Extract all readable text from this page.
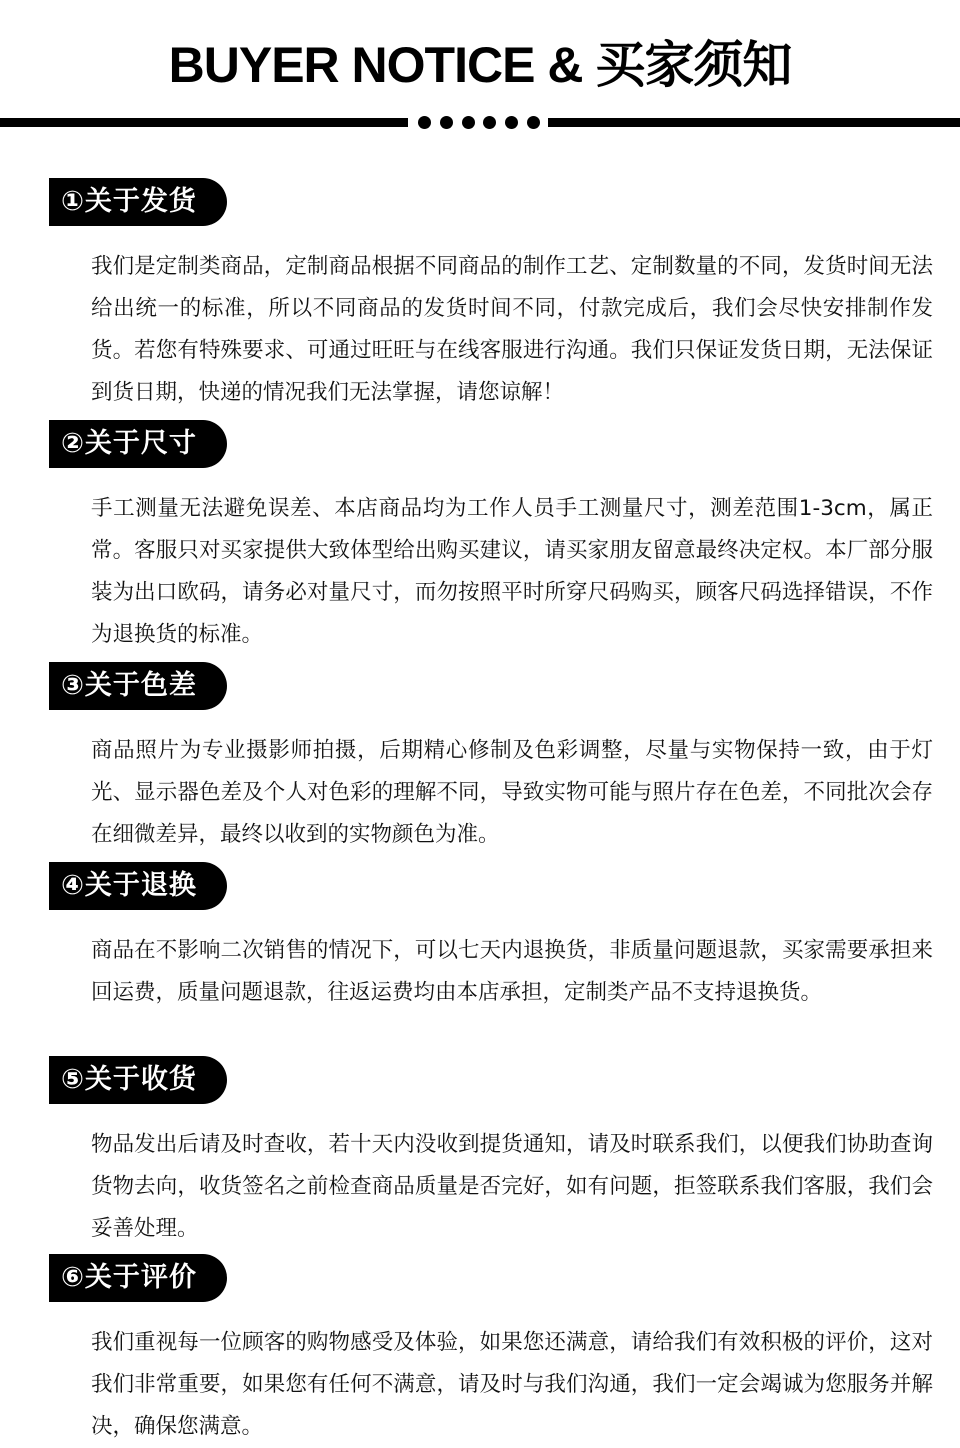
BUYER NOTICE & 买家须知
①关于发货

我们是定制类商品，定制商品根据不同商品的制作工艺、定制数量的不同，发货时间无法给出统一的标准，所以不同商品的发货时间不同，付款完成后，我们会尽快安排制作发货。若您有特殊要求、可通过旺旺与在线客服进行沟通。我们只保证发货日期，无法保证到货日期，快递的情况我们无法掌握，请您谅解！

②关于尺寸

手工测量无法避免误差、本店商品均为工作人员手工测量尺寸，测差范围1-3cm，属正常。客服只对买家提供大致体型给出购买建议，请买家朋友留意最终决定权。本厂部分服装为出口欧码，请务必对量尺寸，而勿按照平时所穿尺码购买，顾客尺码选择错误，不作为退换货的标准。

③关于色差

商品照片为专业摄影师拍摄，后期精心修制及色彩调整，尽量与实物保持一致，由于灯光、显示器色差及个人对色彩的理解不同，导致实物可能与照片存在色差，不同批次会存在细微差异，最终以收到的实物颜色为准。

④关于退换

商品在不影响二次销售的情况下，可以七天内退换货，非质量问题退款，买家需要承担来回运费，质量问题退款，往返运费均由本店承担，定制类产品不支持退换货。

⑤关于收货

物品发出后请及时查收，若十天内没收到提货通知，请及时联系我们，以便我们协助查询货物去向，收货签名之前检查商品质量是否完好，如有问题，拒签联系我们客服，我们会妥善处理。

⑥关于评价

我们重视每一位顾客的购物感受及体验，如果您还满意，请给我们有效积极的评价，这对我们非常重要，如果您有任何不满意，请及时与我们沟通，我们一定会竭诚为您服务并解决，确保您满意。
